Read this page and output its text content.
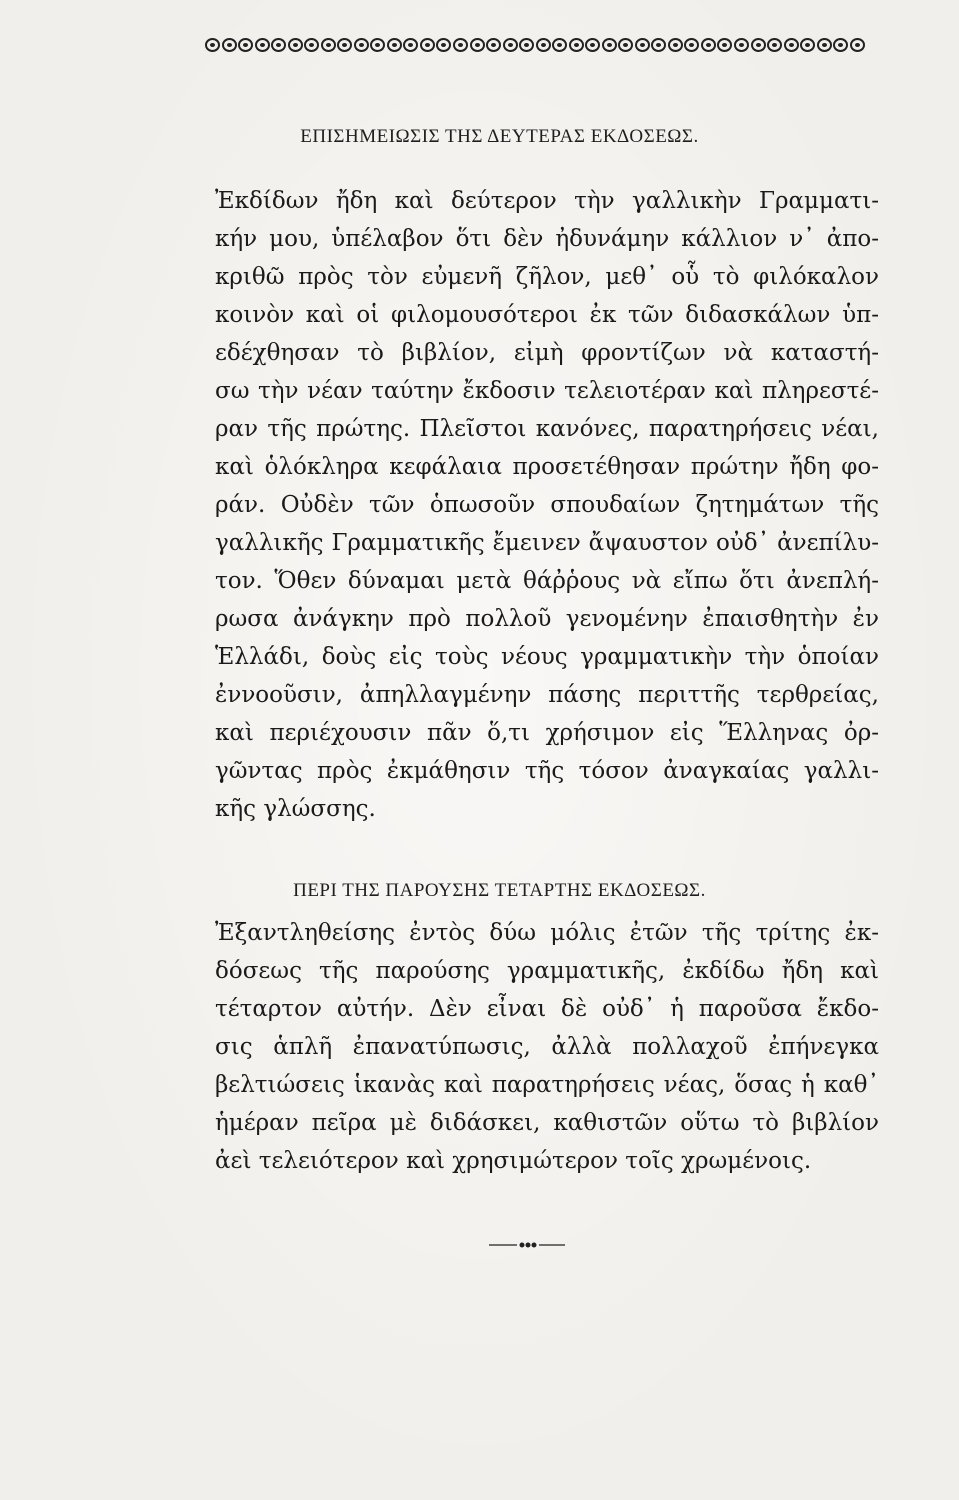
ΕΠΙΣΗΜΕΙΩΣΙΣ ΤΗΣ ΔΕΥΤΕΡΑΣ ΕΚΔΟΣΕΩΣ.
Ἐκδίδων ἤδη καὶ δεύτερον τὴν γαλλικὴν Γραμματι-
κήν μου, ὑπέλαβον ὅτι δὲν ἠδυνάμην κάλλιον ν᾽ ἀπο-
κριθῶ πρὸς τὸν εὐμενῆ ζῆλον, μεθ᾽ οὗ τὸ φιλόκαλον
κοινὸν καὶ οἱ φιλομουσότεροι ἐκ τῶν διδασκάλων ὑπ-
εδέχθησαν τὸ βιβλίον, εἰμὴ φροντίζων νὰ καταστή-
σω τὴν νέαν ταύτην ἔκδοσιν τελειοτέραν καὶ πληρεστέ-
ραν τῆς πρώτης. Πλεῖστοι κανόνες, παρατηρήσεις νέαι,
καὶ ὁλόκληρα κεφάλαια προσετέθησαν πρώτην ἤδη φο-
ράν. Οὐδὲν τῶν ὁπωσοῦν σπουδαίων ζητημάτων τῆς
γαλλικῆς Γραμματικῆς ἔμεινεν ἄψαυστον οὐδ᾽ ἀνεπίλυ-
τον. Ὅθεν δύναμαι μετὰ θάῤῥους νὰ εἴπω ὅτι ἀνεπλή-
ρωσα ἀνάγκην πρὸ πολλοῦ γενομένην ἐπαισθητὴν ἐν
Ἑλλάδι, δοὺς εἰς τοὺς νέους γραμματικὴν τὴν ὁποίαν
ἐννοοῦσιν, ἀπηλλαγμένην πάσης περιττῆς τερθρείας,
καὶ περιέχουσιν πᾶν ὅ,τι χρήσιμον εἰς Ἕλληνας ὀρ-
γῶντας πρὸς ἐκμάθησιν τῆς τόσον ἀναγκαίας γαλλι-
κῆς γλώσσης.
ΠΕΡΙ ΤΗΣ ΠΑΡΟΥΣΗΣ ΤΕΤΑΡΤΗΣ ΕΚΔΟΣΕΩΣ.
Ἐξαντληθείσης ἐντὸς δύω μόλις ἐτῶν τῆς τρίτης ἐκ-
δόσεως τῆς παρούσης γραμματικῆς, ἐκδίδω ἤδη καὶ
τέταρτον αὐτήν. Δὲν εἶναι δὲ οὐδ᾽ ἡ παροῦσα ἔκδο-
σις ἁπλῆ ἐπανατύπωσις, ἀλλὰ πολλαχοῦ ἐπήνεγκα
βελτιώσεις ἱκανὰς καὶ παρατηρήσεις νέας, ὅσας ἡ καθ᾽
ἡμέραν πεῖρα μὲ διδάσκει, καθιστῶν οὕτω τὸ βιβλίον
ἀεὶ τελειότερον καὶ χρησιμώτερον τοῖς χρωμένοις.
